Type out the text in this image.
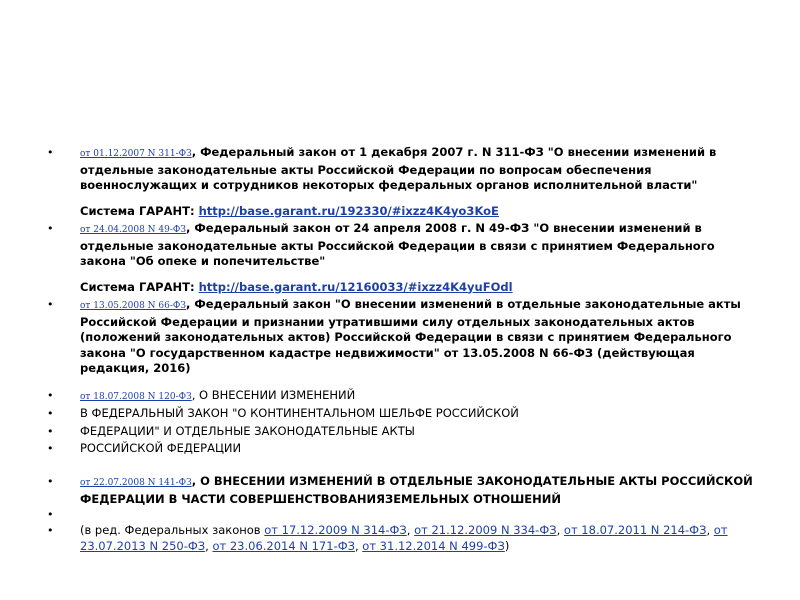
•	от 01.12.2007 N 311-ФЗ, Федеральный закон от 1 декабря 2007 г. N 311-ФЗ "О внесении изменений в отдельные законодательные акты Российской Федерации по вопросам обеспечения военнослужащих и сотрудников некоторых федеральных органов исполнительной власти"
Система ГАРАНТ: http://base.garant.ru/192330/#ixzz4K4yo3KoE
•	от 24.04.2008 N 49-ФЗ, Федеральный закон от 24 апреля 2008 г. N 49-ФЗ "О внесении изменений в отдельные законодательные акты Российской Федерации в связи с принятием Федерального закона "Об опеке и попечительстве"
Система ГАРАНТ: http://base.garant.ru/12160033/#ixzz4K4yuFOdl
•	от 13.05.2008 N 66-ФЗ, Федеральный закон "О внесении изменений в отдельные законодательные акты Российской Федерации и признании утратившими силу отдельных законодательных актов (положений законодательных актов) Российской Федерации в связи с принятием Федерального закона "О государственном кадастре недвижимости" от 13.05.2008 N 66-ФЗ (действующая редакция, 2016)
•	от 18.07.2008 N 120-ФЗ, О ВНЕСЕНИИ ИЗМЕНЕНИЙ
• В ФЕДЕРАЛЬНЫЙ ЗАКОН "О КОНТИНЕНТАЛЬНОМ ШЕЛЬФЕ РОССИЙСКОЙ
• ФЕДЕРАЦИИ" И ОТДЕЛЬНЫЕ ЗАКОНОДАТЕЛЬНЫЕ АКТЫ
• РОССИЙСКОЙ ФЕДЕРАЦИИ
•	от 22.07.2008 N 141-ФЗ, О ВНЕСЕНИИ ИЗМЕНЕНИЙ В ОТДЕЛЬНЫЕ ЗАКОНОДАТЕЛЬНЫЕ АКТЫ РОССИЙСКОЙ ФЕДЕРАЦИИ В ЧАСТИ СОВЕРШЕНСТВОВАНИЯЗЕМЕЛЬНЫХ ОТНОШЕНИЙ
•
• (в ред. Федеральных законов от 17.12.2009 N 314-ФЗ, от 21.12.2009 N 334-ФЗ, от 18.07.2011 N 214-ФЗ, от 23.07.2013 N 250-ФЗ, от 23.06.2014 N 171-ФЗ, от 31.12.2014 N 499-ФЗ)
